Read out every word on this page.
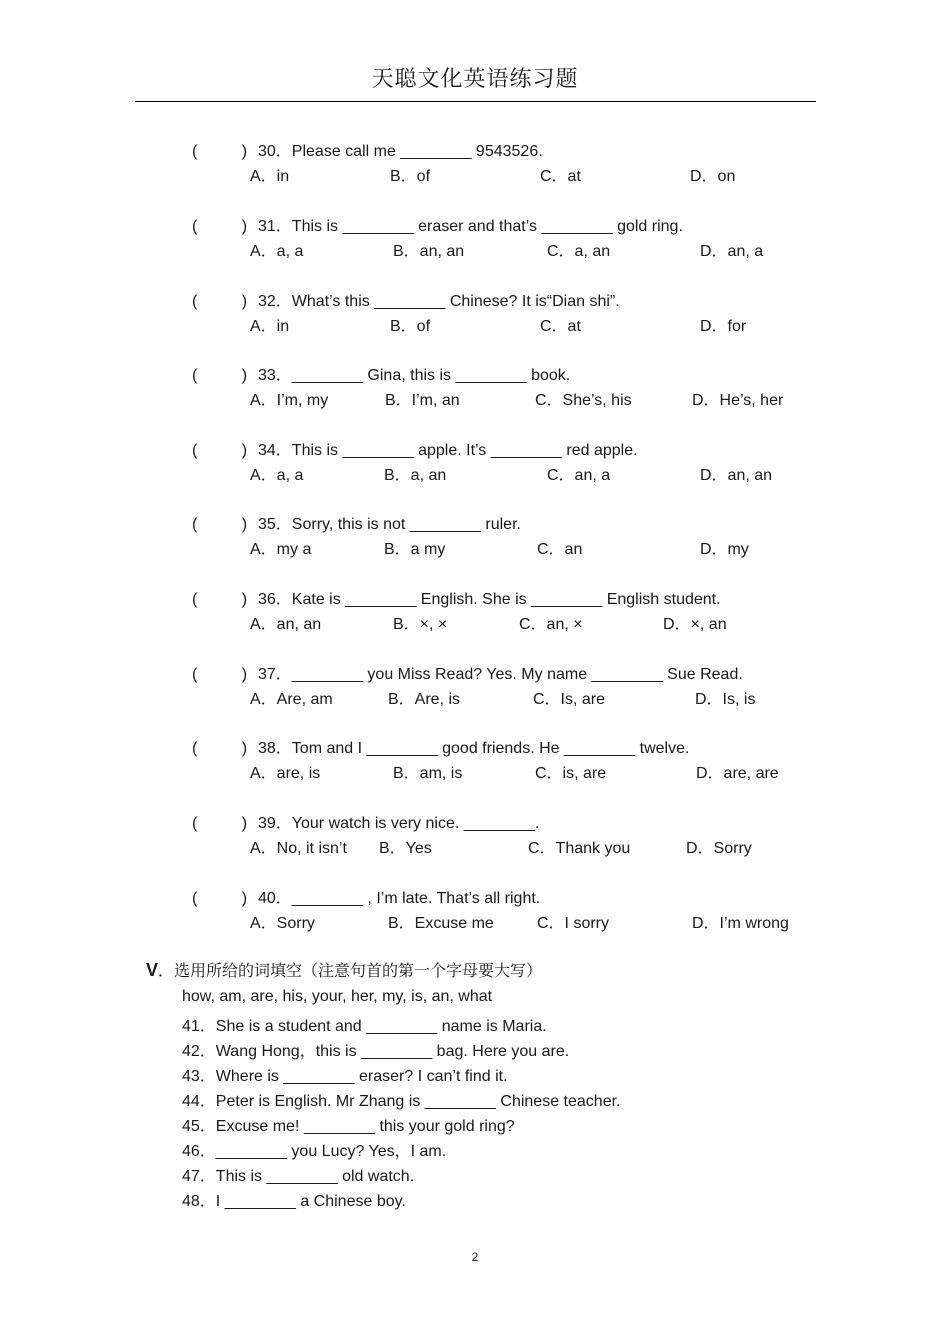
天聪文化英语练习题
(          ) 30．Please call me ________ 9543526.
A．in	B．of	C．at	D．on
(          ) 31．This is ________ eraser and that’s ________ gold ring.
A．a, a	B．an, an	C．a, an	D．an, a
(          ) 32．What’s this ________ Chinese? It is“Dian shi”.
A．in	B．of	C．at	D．for
(          ) 33．________ Gina, this is ________ book.
A．I’m, my	B．I’m, an	C．She’s, his	D．He’s, her
(          ) 34．This is ________ apple. It’s ________ red apple.
A．a, a	B．a, an	C．an, a	D．an, an
(          ) 35．Sorry, this is not ________ ruler.
A．my a	B．a my	C．an	D．my
(          ) 36．Kate is ________ English. She is ________ English student.
A．an, an	B．×, ×	C．an, ×	D．×, an
(          ) 37．________ you Miss Read? Yes. My name ________ Sue Read.
A．Are, am	B．Are, is	C．Is, are	D．Is, is
(          ) 38．Tom and I ________ good friends. He ________ twelve.
A．are, is	B．am, is	C．is, are	D．are, are
(          ) 39．Your watch is very nice. ________.
A．No, it isn’t B．Yes	C．Thank you	D．Sorry
(          ) 40．________ , I’m late. That’s all right.
A．Sorry	B．Excuse me	C．I sorry	D．I’m wrong
V．选用所给的词填空（注意句首的第一个字母要大写）
how, am, are, his, your, her, my, is, an, what
41．She is a student and ________ name is Maria.
42．Wang Hong，this is ________ bag. Here you are.
43．Where is ________ eraser? I can’t find it.
44．Peter is English. Mr Zhang is ________ Chinese teacher.
45．Excuse me! ________ this your gold ring?
46．________ you Lucy? Yes，I am.
47．This is ________ old watch.
48．I ________ a Chinese boy.
2
